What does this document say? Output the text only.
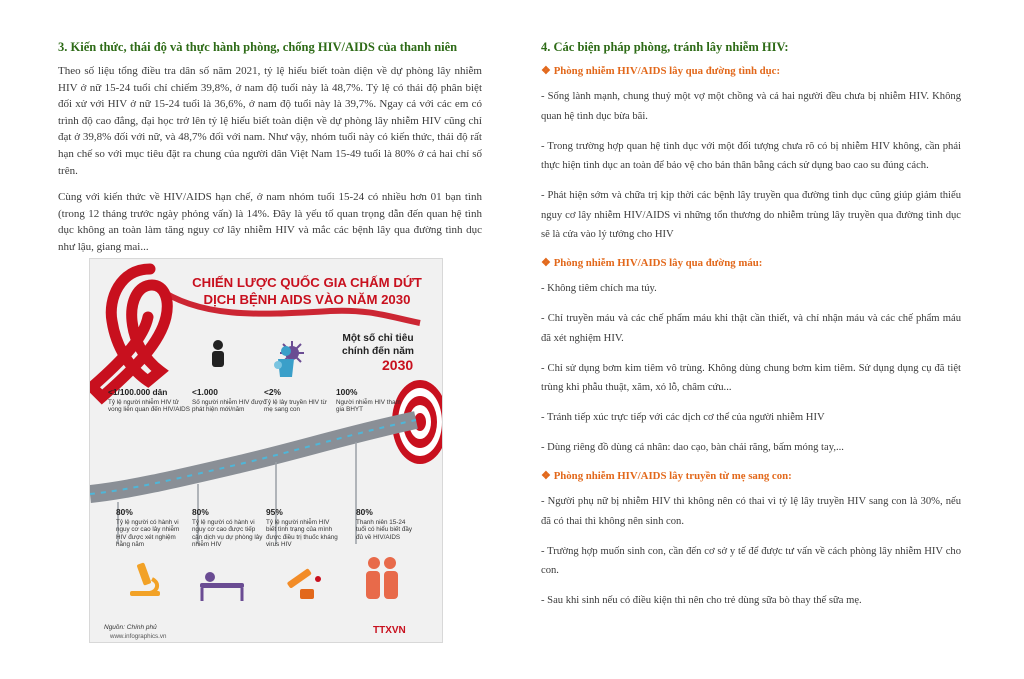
3. Kiến thức, thái độ và thực hành phòng, chống HIV/AIDS của thanh niên

Theo số liệu tổng điều tra dân số năm 2021, tỷ lệ hiểu biết toàn diện về dự phòng lây nhiễm HIV ở nữ 15-24 tuổi chỉ chiếm 39,8%, ở nam độ tuổi này là 48,7%. Tỷ lệ có thái độ phân biệt đối xử với HIV ở nữ 15-24 tuổi là 36,6%, ở nam độ tuổi này là 39,7%. Ngay cả với các em có trình độ cao đẳng, đại học trở lên tỷ lệ hiểu biết toàn diện về dự phòng lây nhiễm HIV cũng chỉ đạt ở 39,8% đối với nữ, và 48,7% đối với nam. Như vậy, nhóm tuổi này có kiến thức, thái độ rất hạn chế so với mục tiêu đặt ra chung của người dân Việt Nam 15-49 tuổi là 80% ở cả hai chỉ số trên.

Cùng với kiến thức về HIV/AIDS hạn chế, ở nam nhóm tuổi 15-24 có nhiều hơn 01 bạn tình (trong 12 tháng trước ngày phỏng vấn) là 14%. Đây là yếu tố quan trọng dẫn đến quan hệ tình dục không an toàn làm tăng nguy cơ lây nhiễm HIV và mắc các bệnh lây qua đường tình dục như lậu, giang mai...

CHIẾN LƯỢC QUỐC GIA CHẤM DỨT
DỊCH BỆNH AIDS VÀO NĂM 2030
Một số chỉ tiêu
chính đến năm
2030
<1/100.000 dân
Tỷ lệ người nhiễm HIV tử vong liên quan đến HIV/AIDS
<1.000
Số người nhiễm HIV được phát hiện mới/năm
<2%
Tỷ lệ lây truyền HIV từ mẹ sang con
100%
Người nhiễm HIV tham gia BHYT
80%
Tỷ lệ người có hành vi nguy cơ cao lây nhiễm HIV được xét nghiệm hằng năm
80%
Tỷ lệ người có hành vi nguy cơ cao được tiếp cận dịch vụ dự phòng lây nhiễm HIV
95%
Tỷ lệ người nhiễm HIV biết tình trạng của mình được điều trị thuốc kháng virus HIV
80%
Thanh niên 15-24 tuổi có hiểu biết đầy đủ về HIV/AIDS
Nguồn: Chính phủ
www.infographics.vn
TTXVN
4. Các biện pháp phòng, tránh lây nhiễm HIV:
❖ Phòng nhiễm HIV/AIDS lây qua đường tình dục:

- Sống lành mạnh, chung thuỷ một vợ một chồng và cả hai người đều chưa bị nhiễm HIV. Không quan hệ tình dục bừa bãi.

- Trong trường hợp quan hệ tình dục với một đối tượng chưa rõ có bị nhiễm HIV không, cần phải thực hiện tình dục an toàn để bảo vệ cho bản thân bằng cách sử dụng bao cao su đúng cách.

- Phát hiện sớm và chữa trị kịp thời các bệnh lây truyền qua đường tình dục cũng giúp giảm thiểu nguy cơ lây nhiễm HIV/AIDS vì những tổn thương do nhiễm trùng lây truyền qua đường tình dục sẽ là cửa vào lý tưởng cho HIV

❖ Phòng nhiễm HIV/AIDS lây qua đường máu:

- Không tiêm chích ma túy.

- Chỉ truyền máu và các chế phẩm máu khi thật cần thiết, và chỉ nhận máu và các chế phẩm máu đã xét nghiệm HIV.

- Chỉ sử dụng bơm kim tiêm vô trùng. Không dùng chung bơm kim tiêm. Sử dụng dụng cụ đã tiệt trùng khi phẫu thuật, xăm, xỏ lỗ, châm cứu...

- Tránh tiếp xúc trực tiếp với các dịch cơ thể của người nhiễm HIV

- Dùng riêng đồ dùng cá nhân: dao cạo, bàn chải răng, bấm móng tay,...

❖ Phòng nhiễm HIV/AIDS lây truyền từ mẹ sang con:

- Người phụ nữ bị nhiễm HIV thì không nên có thai vì tỷ lệ lây truyền HIV sang con là 30%, nếu đã có thai thì không nên sinh con.

- Trường hợp muốn sinh con, cần đến cơ sở y tế để được tư vấn về cách phòng lây nhiễm HIV cho con.

- Sau khi sinh nếu có điều kiện thì nên cho trẻ dùng sữa bò thay thế sữa mẹ.
